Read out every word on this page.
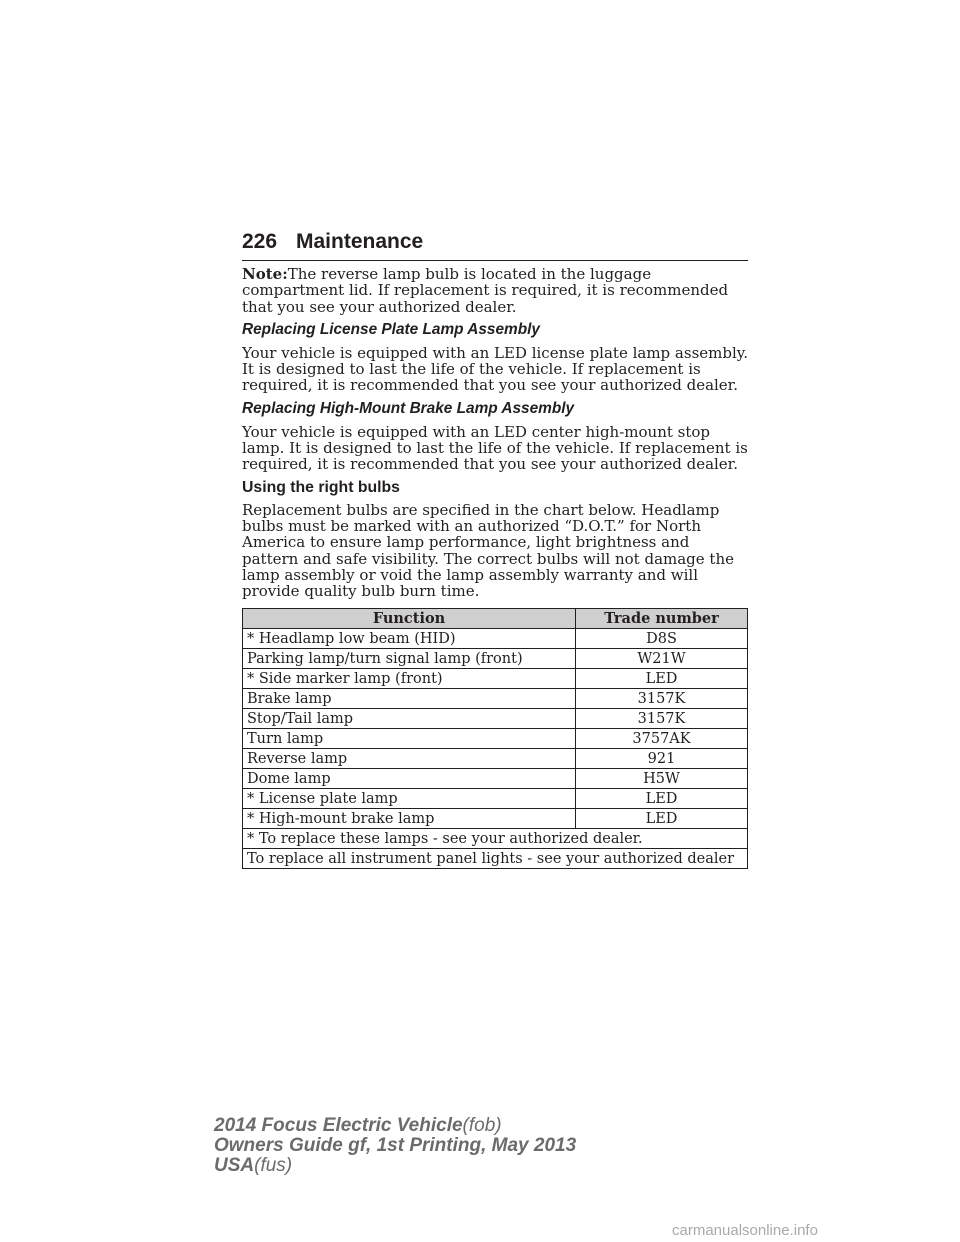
226 Maintenance

Note:The reverse lamp bulb is located in the luggage compartment lid. If replacement is required, it is recommended that you see your authorized dealer.

Replacing License Plate Lamp Assembly

Your vehicle is equipped with an LED license plate lamp assembly. It is designed to last the life of the vehicle. If replacement is required, it is recommended that you see your authorized dealer.

Replacing High-Mount Brake Lamp Assembly

Your vehicle is equipped with an LED center high-mount stop lamp. It is designed to last the life of the vehicle. If replacement is required, it is recommended that you see your authorized dealer.

Using the right bulbs

Replacement bulbs are specified in the chart below. Headlamp bulbs must be marked with an authorized “D.O.T.” for North America to ensure lamp performance, light brightness and pattern and safe visibility. The correct bulbs will not damage the lamp assembly or void the lamp assembly warranty and will provide quality bulb burn time.

Function	Trade number
* Headlamp low beam (HID)	D8S
Parking lamp/turn signal lamp (front)	W21W
* Side marker lamp (front)	LED
Brake lamp	3157K
Stop/Tail lamp	3157K
Turn lamp	3757AK
Reverse lamp	921
Dome lamp	H5W
* License plate lamp	LED
* High-mount brake lamp	LED
* To replace these lamps - see your authorized dealer.	
To replace all instrument panel lights - see your authorized dealer	
2014 Focus Electric Vehicle(fob)
Owners Guide gf, 1st Printing, May 2013
USA(fus)
carmanualsonline.info
